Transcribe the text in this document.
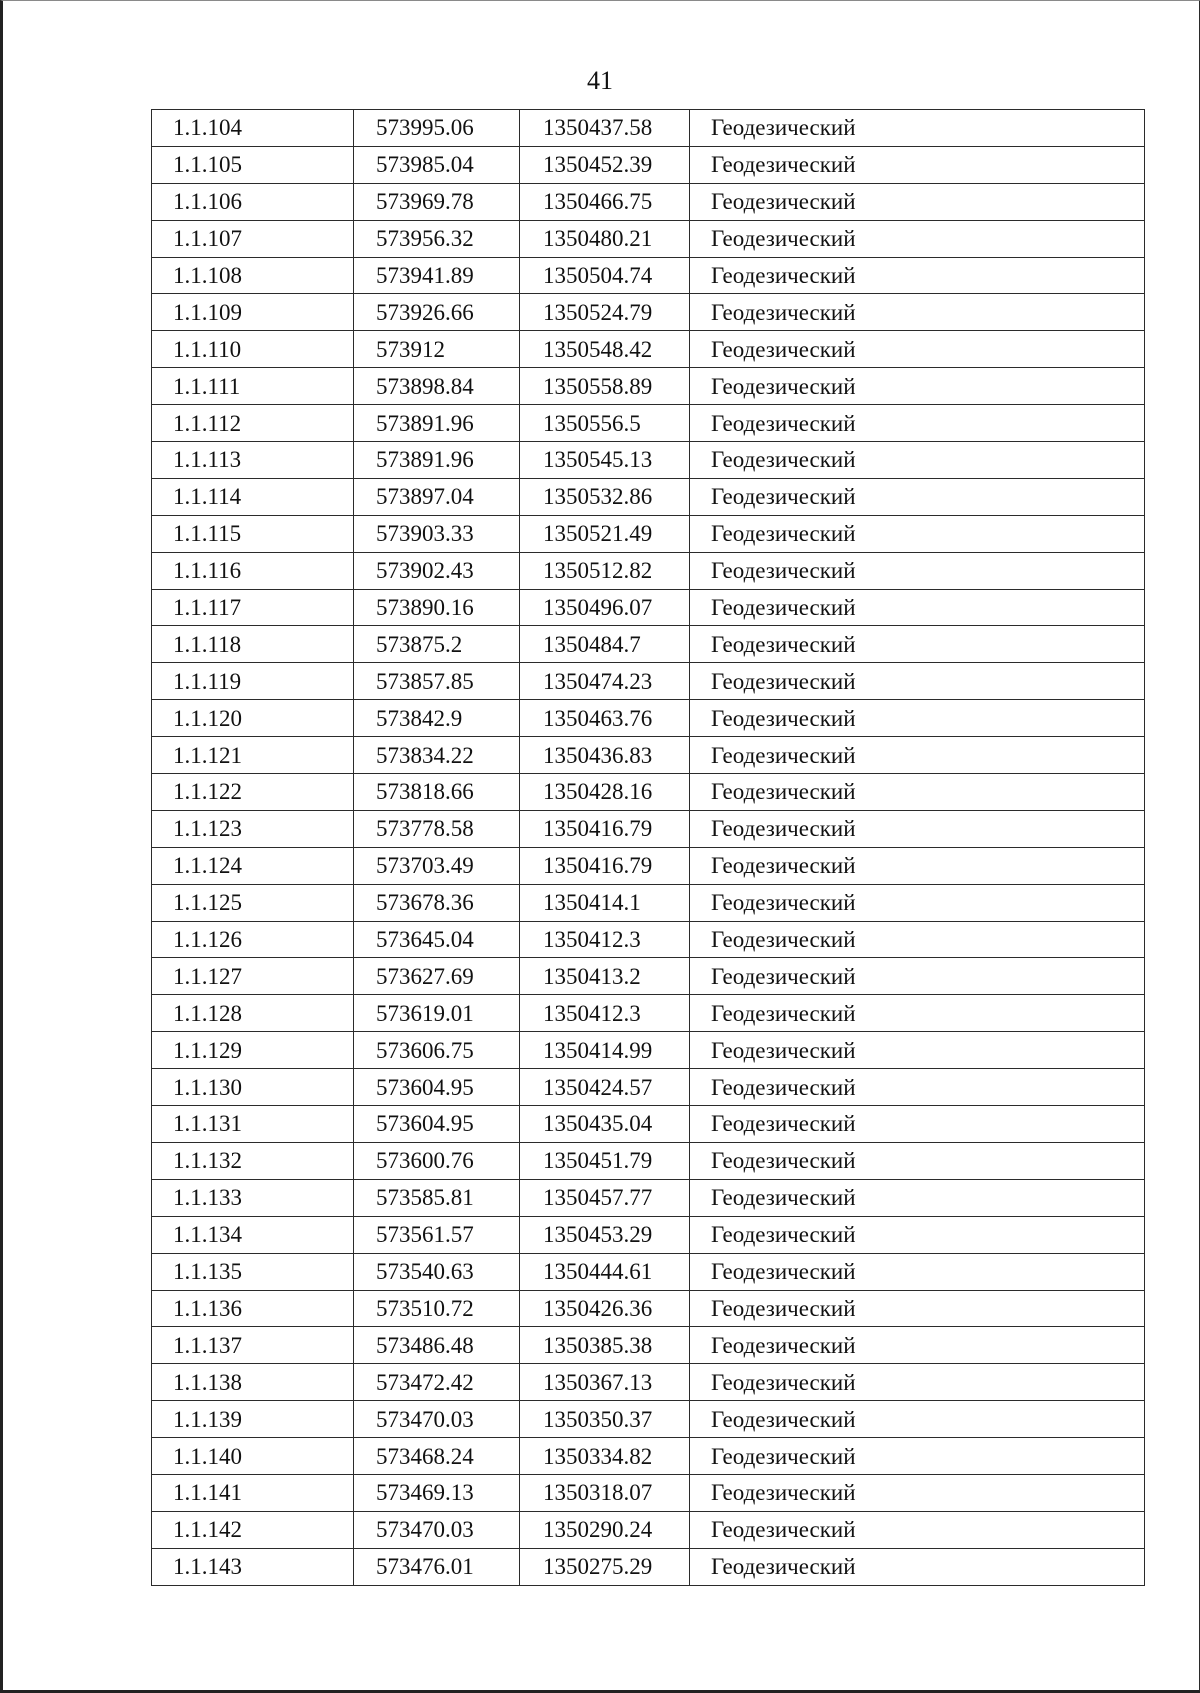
41
1.1.104	573995.06	1350437.58	Геодезический
1.1.105	573985.04	1350452.39	Геодезический
1.1.106	573969.78	1350466.75	Геодезический
1.1.107	573956.32	1350480.21	Геодезический
1.1.108	573941.89	1350504.74	Геодезический
1.1.109	573926.66	1350524.79	Геодезический
1.1.110	573912	1350548.42	Геодезический
1.1.111	573898.84	1350558.89	Геодезический
1.1.112	573891.96	1350556.5	Геодезический
1.1.113	573891.96	1350545.13	Геодезический
1.1.114	573897.04	1350532.86	Геодезический
1.1.115	573903.33	1350521.49	Геодезический
1.1.116	573902.43	1350512.82	Геодезический
1.1.117	573890.16	1350496.07	Геодезический
1.1.118	573875.2	1350484.7	Геодезический
1.1.119	573857.85	1350474.23	Геодезический
1.1.120	573842.9	1350463.76	Геодезический
1.1.121	573834.22	1350436.83	Геодезический
1.1.122	573818.66	1350428.16	Геодезический
1.1.123	573778.58	1350416.79	Геодезический
1.1.124	573703.49	1350416.79	Геодезический
1.1.125	573678.36	1350414.1	Геодезический
1.1.126	573645.04	1350412.3	Геодезический
1.1.127	573627.69	1350413.2	Геодезический
1.1.128	573619.01	1350412.3	Геодезический
1.1.129	573606.75	1350414.99	Геодезический
1.1.130	573604.95	1350424.57	Геодезический
1.1.131	573604.95	1350435.04	Геодезический
1.1.132	573600.76	1350451.79	Геодезический
1.1.133	573585.81	1350457.77	Геодезический
1.1.134	573561.57	1350453.29	Геодезический
1.1.135	573540.63	1350444.61	Геодезический
1.1.136	573510.72	1350426.36	Геодезический
1.1.137	573486.48	1350385.38	Геодезический
1.1.138	573472.42	1350367.13	Геодезический
1.1.139	573470.03	1350350.37	Геодезический
1.1.140	573468.24	1350334.82	Геодезический
1.1.141	573469.13	1350318.07	Геодезический
1.1.142	573470.03	1350290.24	Геодезический
1.1.143	573476.01	1350275.29	Геодезический
